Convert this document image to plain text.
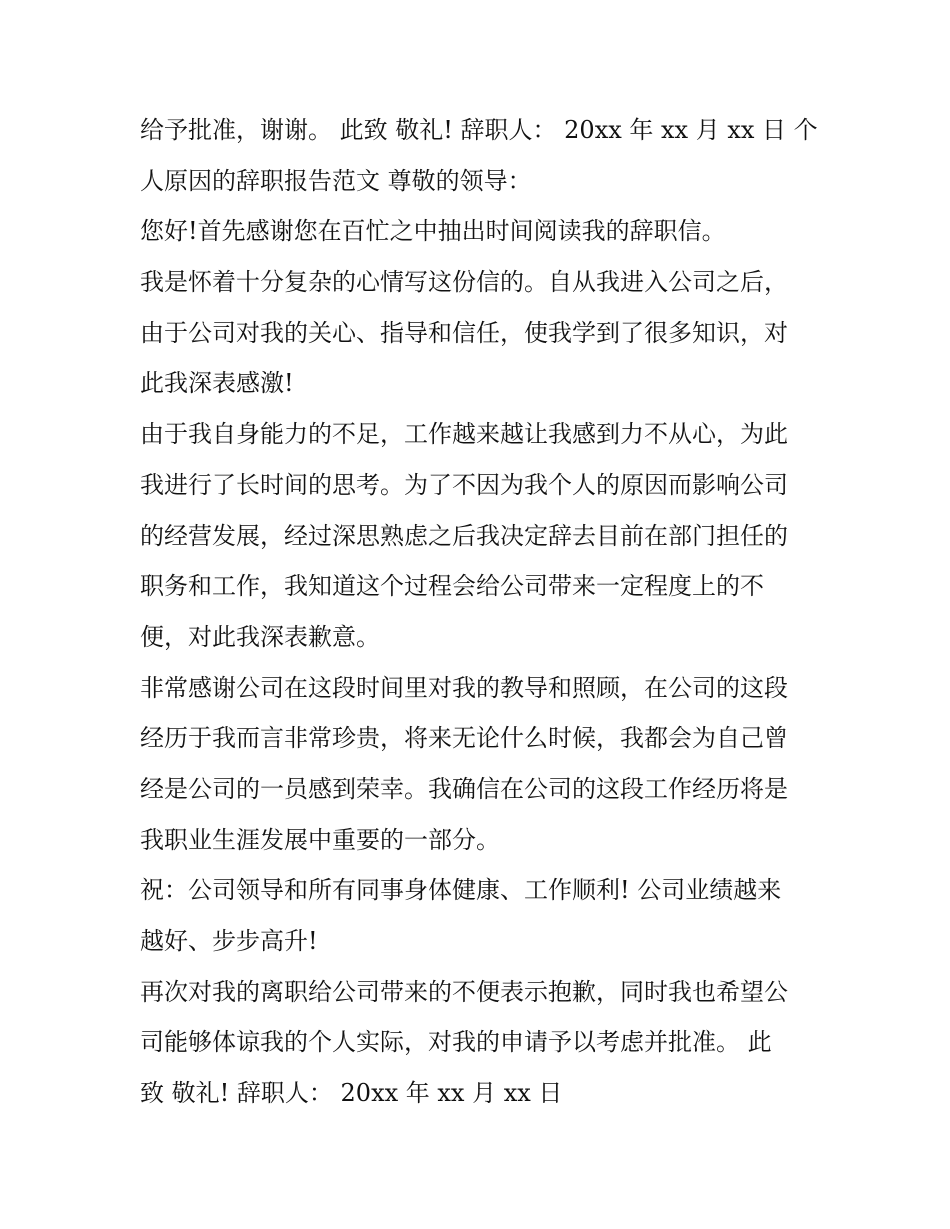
给予批准，谢谢。 此致 敬礼! 辞职人： 20xx 年 xx 月 xx 日 个
人原因的辞职报告范文 尊敬的领导：
您好!首先感谢您在百忙之中抽出时间阅读我的辞职信。
我是怀着十分复杂的心情写这份信的。自从我进入公司之后，
由于公司对我的关心、指导和信任，使我学到了很多知识，对
此我深表感激!
由于我自身能力的不足，工作越来越让我感到力不从心，为此
我进行了长时间的思考。为了不因为我个人的原因而影响公司
的经营发展，经过深思熟虑之后我决定辞去目前在部门担任的
职务和工作，我知道这个过程会给公司带来一定程度上的不
便，对此我深表歉意。
非常感谢公司在这段时间里对我的教导和照顾，在公司的这段
经历于我而言非常珍贵，将来无论什么时候，我都会为自己曾
经是公司的一员感到荣幸。我确信在公司的这段工作经历将是
我职业生涯发展中重要的一部分。
祝：公司领导和所有同事身体健康、工作顺利! 公司业绩越来
越好、步步高升!
再次对我的离职给公司带来的不便表示抱歉，同时我也希望公
司能够体谅我的个人实际，对我的申请予以考虑并批准。 此
致 敬礼! 辞职人： 20xx 年 xx 月 xx 日
